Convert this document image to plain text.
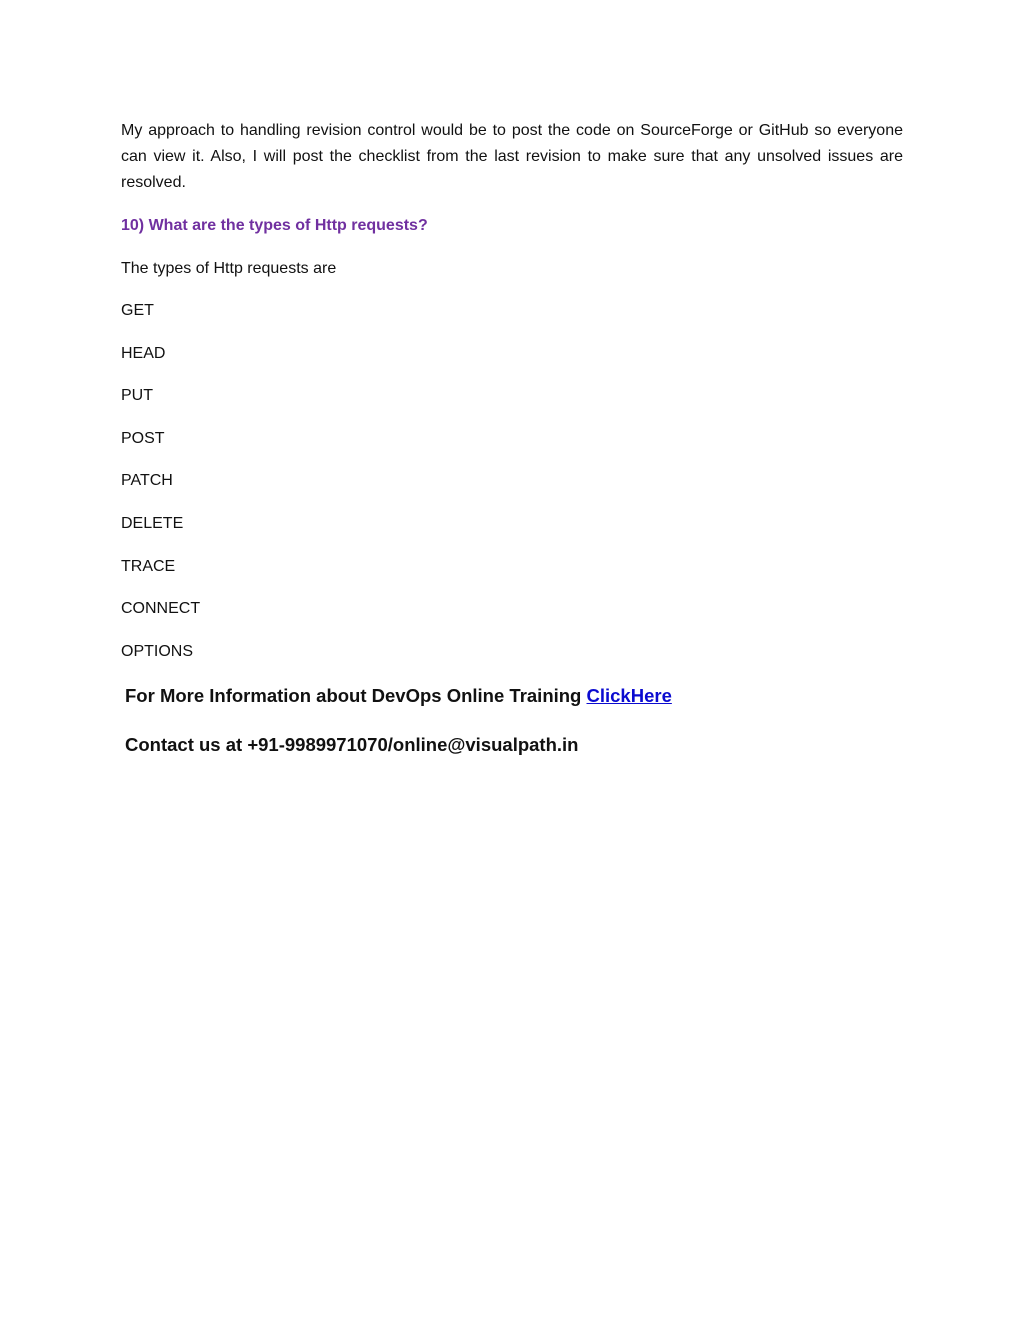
My approach to handling revision control would be to post the code on SourceForge or GitHub so everyone can view it. Also, I will post the checklist from the last revision to make sure that any unsolved issues are resolved.

10) What are the types of Http requests?

The types of Http requests are

GET
HEAD
PUT
POST
PATCH
DELETE
TRACE
CONNECT
OPTIONS

For More Information about DevOps Online Training ClickHere

Contact us at +91-9989971070/online@visualpath.in
